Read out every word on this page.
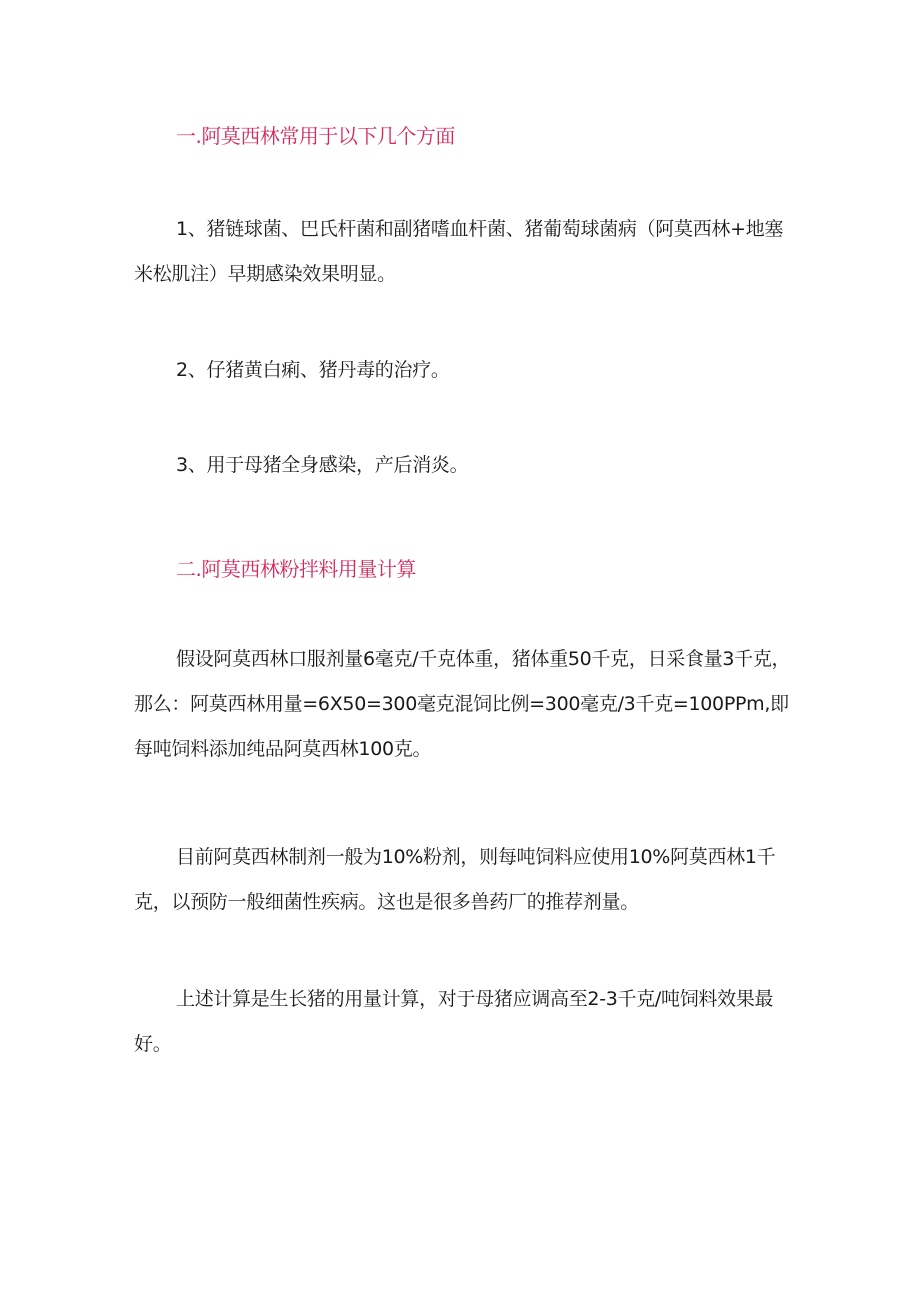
一.阿莫西林常用于以下几个方面
1、猪链球菌、巴氏杆菌和副猪嗜血杆菌、猪葡萄球菌病（阿莫西林+地塞米松肌注）早期感染效果明显。
2、仔猪黄白痢、猪丹毒的治疗。
3、用于母猪全身感染，产后消炎。
二.阿莫西林粉拌料用量计算
假设阿莫西林口服剂量6毫克/千克体重，猪体重50千克，日采食量3千克，那么：阿莫西林用量=6X50=300毫克混饲比例=300毫克/3千克=100PPm,即每吨饲料添加纯品阿莫西林100克。
目前阿莫西林制剂一般为10%粉剂，则每吨饲料应使用10%阿莫西林1千克，以预防一般细菌性疾病。这也是很多兽药厂的推荐剂量。
上述计算是生长猪的用量计算，对于母猪应调高至2-3千克/吨饲料效果最好。
